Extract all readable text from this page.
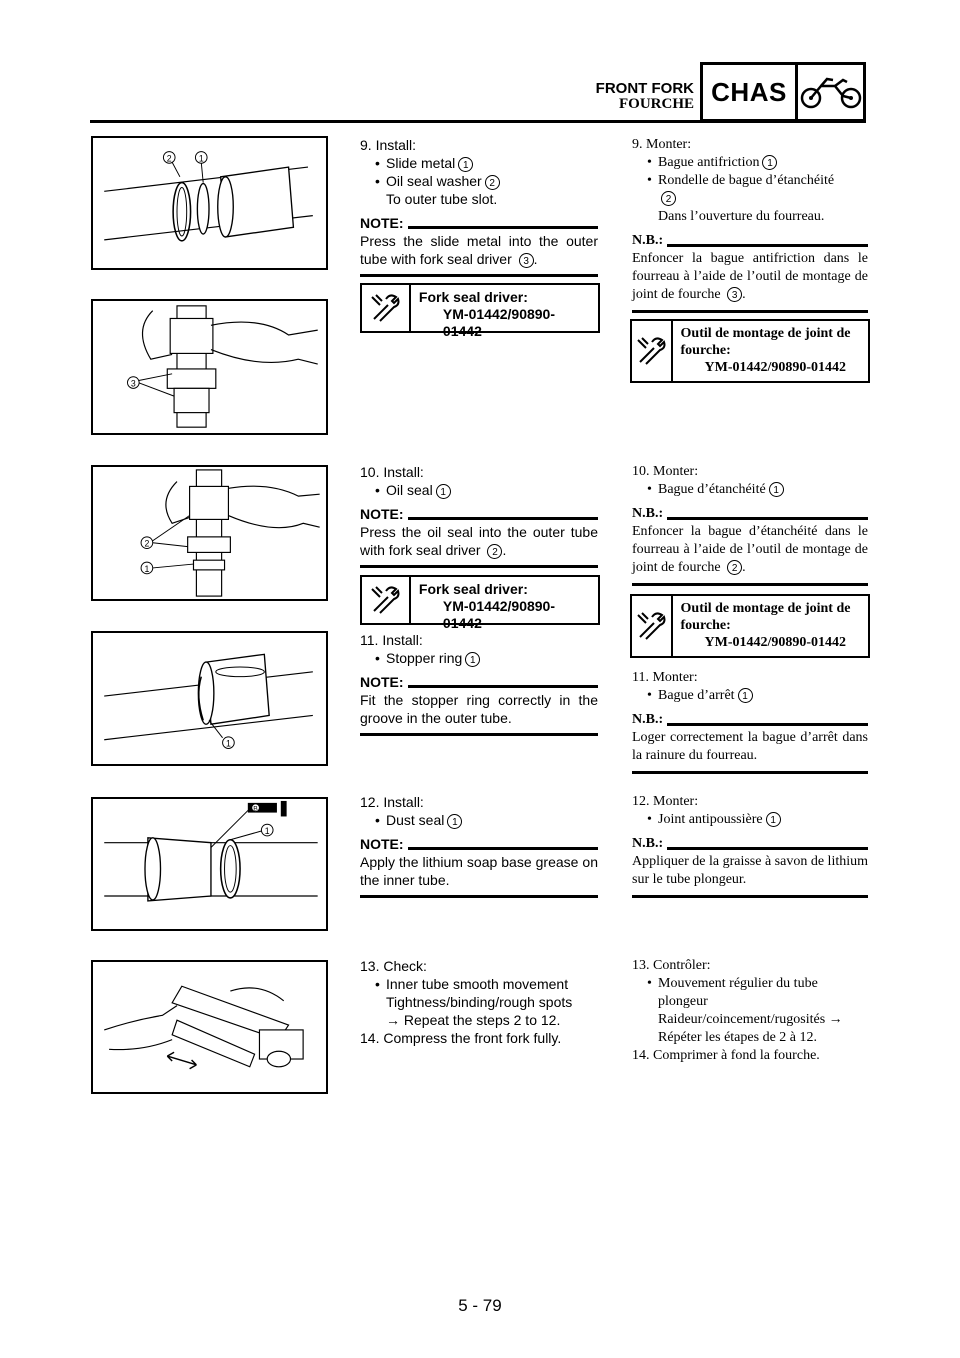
FRONT FORK
FOURCHE CHAS
2	1
3
2
1
1
1
B

9. Install:

• Slide metal 1

• Oil seal washer 2

To outer tube slot.

NOTE:
Press the slide metal into the outer tube with fork seal driver 3 .
Fork seal driver:
YM-01442/90890-01442

10. Install:

• Oil seal 1

NOTE:
Press the oil seal into the outer tube with fork seal driver 2 .
Fork seal driver:
YM-01442/90890-01442

11. Install:

• Stopper ring 1

NOTE:
Fit the stopper ring correctly in the groove in the outer tube.

12. Install:

• Dust seal 1

NOTE:
Apply the lithium soap base grease on the inner tube.

13. Check:

• Inner tube smooth movement

Tightness/binding/rough spots

→ Repeat the steps 2 to 12.

14. Compress the front fork fully.

9. Monter:

• Bague antifriction 1

• Rondelle de bague d’étanchéité
2

Dans l’ouverture du fourreau.

N.B.:
Enfoncer la bague antifriction dans le fourreau à l’aide de l’outil de montage de joint de fourche 3 .
Outil de montage de joint de fourche:
YM-01442/90890-01442

10. Monter:

• Bague d’étanchéité 1

N.B.:
Enfoncer la bague d’étanchéité dans le fourreau à l’aide de l’outil de montage de joint de fourche 2 .
Outil de montage de joint de fourche:
YM-01442/90890-01442

11. Monter:

• Bague d’arrêt 1

N.B.:
Loger correctement la bague d’arrêt dans la rainure du fourreau.

12. Monter:

• Joint antipoussière 1

N.B.:
Appliquer de la graisse à savon de lithium sur le tube plongeur.

13. Contrôler:

• Mouvement régulier du tube plongeur

Raideur/coincement/rugosités →

Répéter les étapes de 2 à 12.

14. Comprimer à fond la fourche.

5 - 79
